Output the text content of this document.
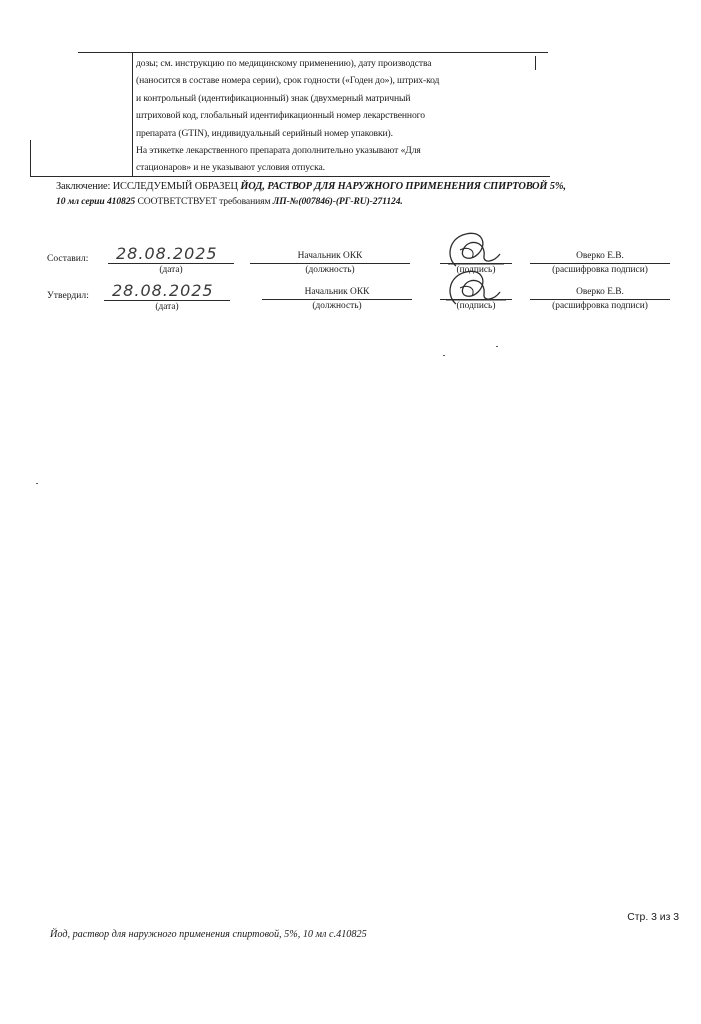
дозы; см. инструкцию по медицинскому применению), дату производства
(наносится в составе номера серии), срок годности («Годен до»), штрих-код
и контрольный (идентификационный) знак (двухмерный матричный
штриховой код, глобальный идентификационный номер лекарственного
препарата (GTIN), индивидуальный серийный номер упаковки).
На этикетке лекарственного препарата дополнительно указывают «Для
стационаров» и не указывают условия отпуска.
Заключение: ИССЛЕДУЕМЫЙ ОБРАЗЕЦ ЙОД, РАСТВОР ДЛЯ НАРУЖНОГО ПРИМЕНЕНИЯ СПИРТОВОЙ 5%,
10 мл серии 410825 СООТВЕТСТВУЕТ требованиям ЛП-№(007846)-(РГ-RU)-271124.
Составил: 28.08.2025
(дата)
Начальник ОКК
(должность)	(подпись)
Оверко Е.В.
(расшифровка подписи)
Утвердил: 28.08.2025
(дата)
Начальник ОКК
(должность)	(подпись)
Оверко Е.В.
(расшифровка подписи)
Стр. 3 из 3
Йод, раствор для наружного применения спиртовой, 5%, 10 мл с.410825
